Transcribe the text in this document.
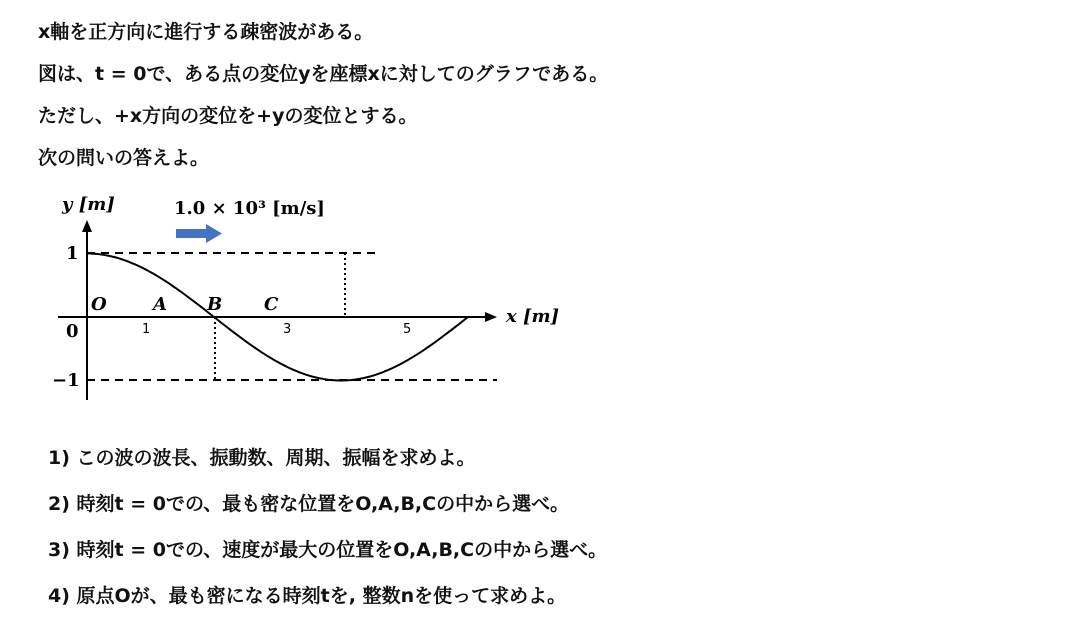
x軸を正方向に進行する疎密波がある。
図は、t = 0で、ある点の変位yを座標xに対してのグラフである。
ただし、+x方向の変位を+yの変位とする。
次の問いの答えよ。
y [m]
x [m]
1
0
−1
O	A B C
1	3	5
1.0 × 10³ [m/s]
1) この波の波長、振動数、周期、振幅を求めよ。
2) 時刻t = 0での、最も密な位置をO,A,B,Cの中から選べ。
3) 時刻t = 0での、速度が最大の位置をO,A,B,Cの中から選べ。
4) 原点Oが、最も密になる時刻tを, 整数nを使って求めよ。
